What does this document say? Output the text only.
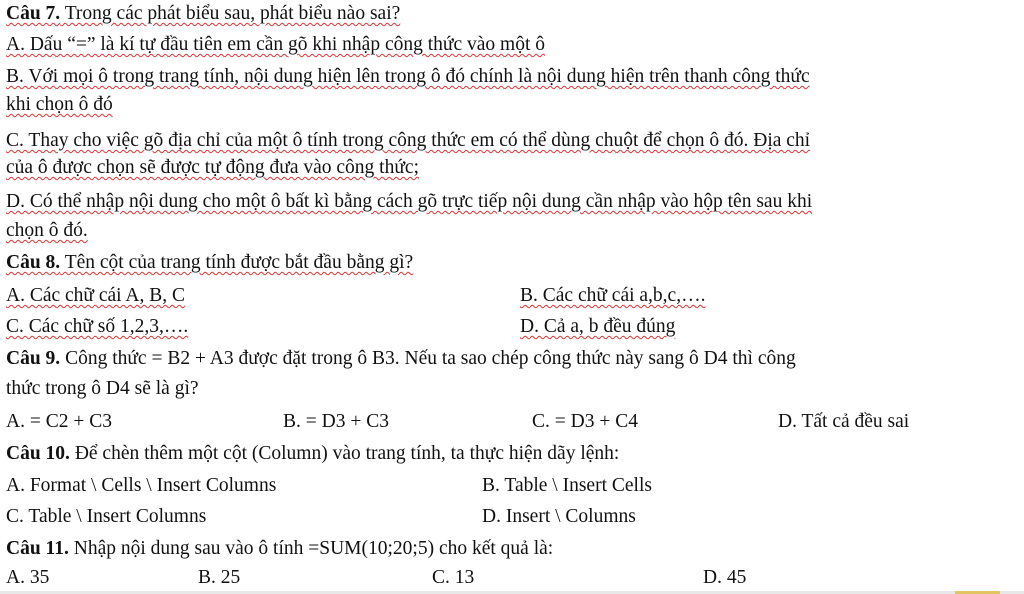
Câu 7. Trong các phát biểu sau, phát biểu nào sai?
A. Dấu “=” là kí tự đầu tiên em cần gõ khi nhập công thức vào một ô
B. Với mọi ô trong trang tính, nội dung hiện lên trong ô đó chính là nội dung hiện trên thanh công thức
khi chọn ô đó
C. Thay cho việc gõ địa chỉ của một ô tính trong công thức em có thể dùng chuột để chọn ô đó. Địa chỉ
của ô được chọn sẽ được tự động đưa vào công thức;
D. Có thể nhập nội dung cho một ô bất kì bằng cách gõ trực tiếp nội dung cần nhập vào hộp tên sau khi
chọn ô đó.
Câu 8. Tên cột của trang tính được bắt đầu bằng gì?
A. Các chữ cái A, B, C	B. Các chữ cái a,b,c,….
C. Các chữ số 1,2,3,….	D. Cả a, b đều đúng
Câu 9. Công thức = B2 + A3 được đặt trong ô B3. Nếu ta sao chép công thức này sang ô D4 thì công
thức trong ô D4 sẽ là gì?
A. = C2 + C3	B. = D3 + C3	C. = D3 + C4	D. Tất cả đều sai
Câu 10. Để chèn thêm một cột (Column) vào trang tính, ta thực hiện dãy lệnh:
A. Format \ Cells \ Insert Columns	B. Table \ Insert Cells
C. Table \ Insert Columns	D. Insert \ Columns
Câu 11. Nhập nội dung sau vào ô tính =SUM(10;20;5) cho kết quả là:
A. 35	B. 25	C. 13	D. 45
